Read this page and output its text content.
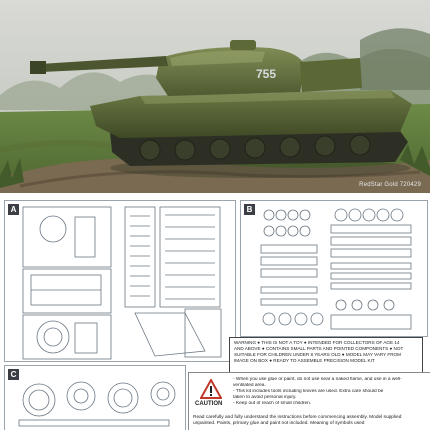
755
RedStar Gold 720429
A	B
C

WARNING ● THIS IS NOT A TOY ● INTENDED FOR COLLECTORS OF AGE 14

AND ABOVE ● CONTAINS SMALL PARTS AND POINTED COMPONENTS ● NOT

SUITABLE FOR CHILDREN UNDER 8 YEARS OLD ● MODEL MAY VARY FROM

IMAGE ON BOX ● READY TO ASSEMBLE PRECISION MODEL KIT

CAUTION
- When you use glue or paint, do not use near a naked flame, and use in a well-
ventilated area.
- This kit includes tools including knives are used. Extra care should be
taken to avoid personal injury.
- Keep out of reach of small children.
Read carefully and fully understand the instructions before commencing assembly. Model supplied
unpainted. Paints, primary glue and paint not included. Meaning of symbols used
